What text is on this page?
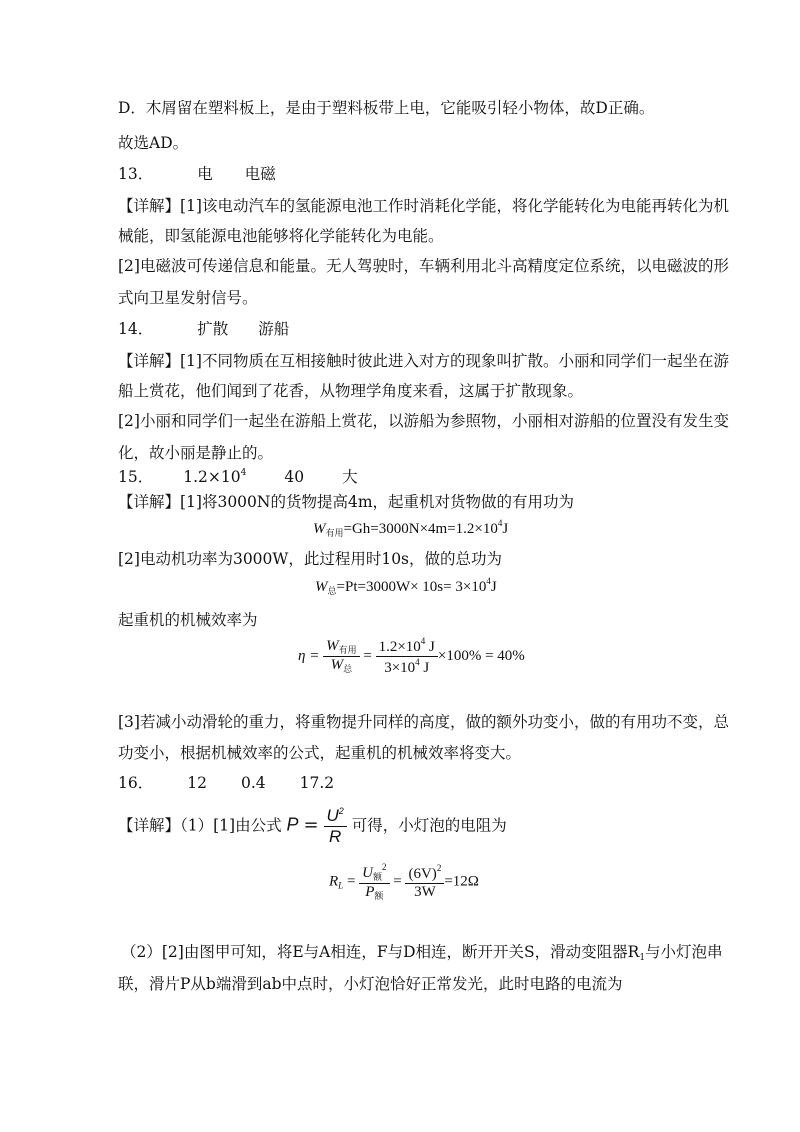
D．木屑留在塑料板上，是由于塑料板带上电，它能吸引轻小物体，故D正确。
故选AD。
13．	电 电磁
【详解】[1]该电动汽车的氢能源电池工作时消耗化学能，将化学能转化为电能再转化为机
械能，即氢能源电池能够将化学能转化为电能。
[2]电磁波可传递信息和能量。无人驾驶时，车辆利用北斗高精度定位系统，以电磁波的形
式向卫星发射信号。
14．	扩散 游船
【详解】[1]不同物质在互相接触时彼此进入对方的现象叫扩散。小丽和同学们一起坐在游
船上赏花，他们闻到了花香，从物理学角度来看，这属于扩散现象。
[2]小丽和同学们一起坐在游船上赏花，以游船为参照物，小丽相对游船的位置没有发生变
化，故小丽是静止的。
15． $1.2\times 10^4$ 40 大
【详解】[1]将3000N的货物提高4m，起重机对货物做的有用功为
$W_{有用}=Gh=3000N\times 4m=1.2\times 10^4J$
[2]电动机功率为3000W，此过程用时10s，做的总功为
$W_总=Pt=3000W\times 10s= 3\times 10^4J$
起重机的机械效率为
$\eta = \frac{W_{有用}}{W_总} = \frac{1.2\times 10^4 J}{3\times 10^4 J} \times 100\% = 40\%$
[3]若减小动滑轮的重力，将重物提升同样的高度，做的额外功变小，做的有用功不变，总
功变小，根据机械效率的公式，起重机的机械效率将变大。
16． 12 0.4 17.2
【详解】（1）[1]由公式 $P = \frac{U^2}{R}$ 可得，小灯泡的电阻为
$R_L = \frac{U_额^2}{P_额} = \frac{(6V)^2}{3W} =12\Omega$
（2）[2]由图甲可知，将E与A相连，F与D相连，断开开关S，滑动变阻器$R_1$与小灯泡串
联，滑片P从b端滑到ab中点时，小灯泡恰好正常发光，此时电路的电流为
